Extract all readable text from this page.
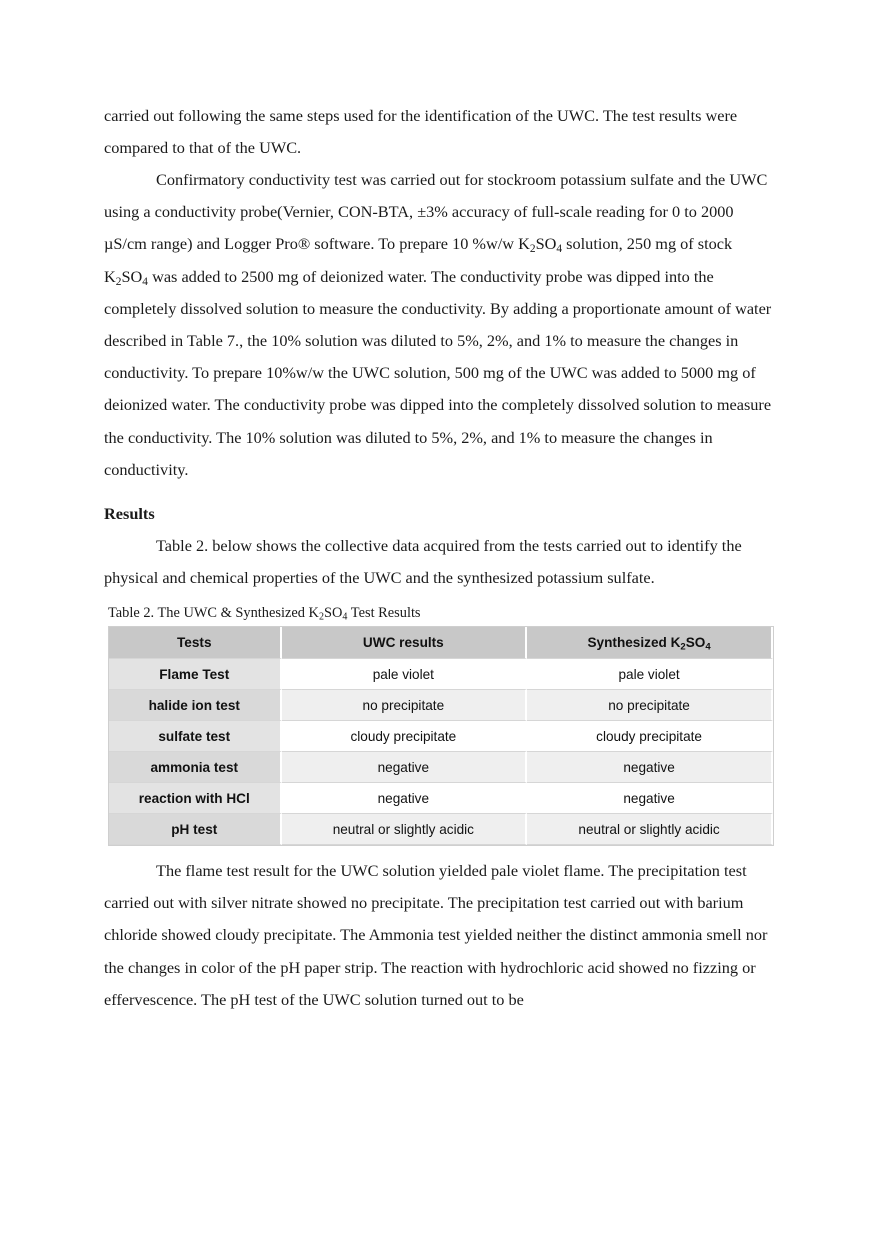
carried out following the same steps used for the identification of the UWC. The test results were compared to that of the UWC.

Confirmatory conductivity test was carried out for stockroom potassium sulfate and the UWC using a conductivity probe(Vernier, CON-BTA, ±3% accuracy of full-scale reading for 0 to 2000 µS/cm range) and Logger Pro® software. To prepare 10 %w/w $K_2SO_4$ solution, 250 mg of stock $K_2SO_4$ was added to 2500 mg of deionized water. The conductivity probe was dipped into the completely dissolved solution to measure the conductivity. By adding a proportionate amount of water described in Table 7., the 10% solution was diluted to 5%, 2%, and 1% to measure the changes in conductivity. To prepare 10%w/w the UWC solution, 500 mg of the UWC was added to 5000 mg of deionized water. The conductivity probe was dipped into the completely dissolved solution to measure the conductivity. The 10% solution was diluted to 5%, 2%, and 1% to measure the changes in conductivity.

Results

Table 2. below shows the collective data acquired from the tests carried out to identify the physical and chemical properties of the UWC and the synthesized potassium sulfate.

Table 2. The UWC & Synthesized $K_2SO_4$ Test Results
Tests	UWC results	Synthesized $K_2SO_4$
Flame Test	pale violet	pale violet
halide ion test	no precipitate	no precipitate
sulfate test	cloudy precipitate	cloudy precipitate
ammonia test	negative	negative
reaction with HCl	negative	negative
pH test	neutral or slightly acidic	neutral or slightly acidic

The flame test result for the UWC solution yielded pale violet flame. The precipitation test carried out with silver nitrate showed no precipitate. The precipitation test carried out with barium chloride showed cloudy precipitate. The Ammonia test yielded neither the distinct ammonia smell nor the changes in color of the pH paper strip. The reaction with hydrochloric acid showed no fizzing or effervescence. The pH test of the UWC solution turned out to be
